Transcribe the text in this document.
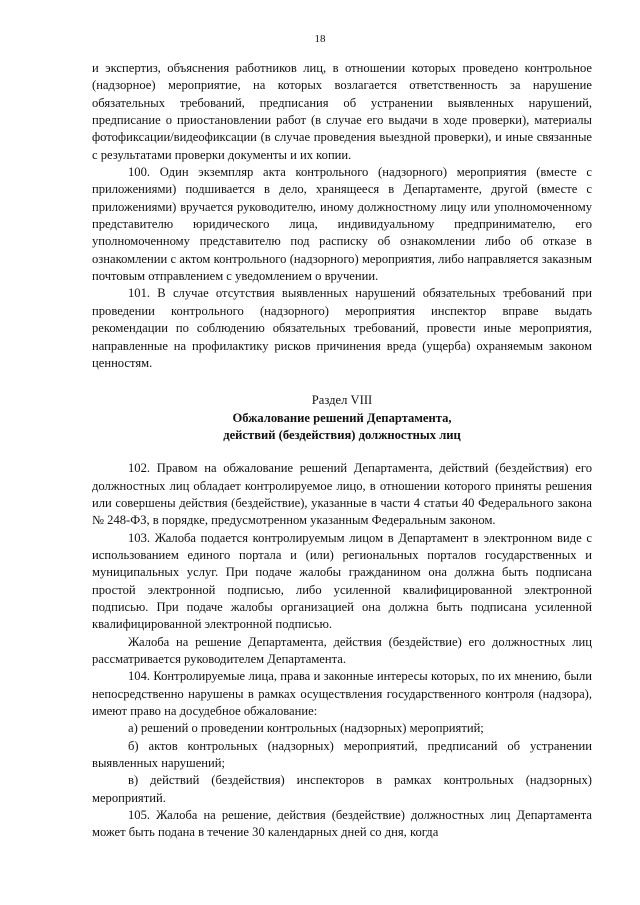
18

и экспертиз, объяснения работников лиц, в отношении которых проведено контрольное (надзорное) мероприятие, на которых возлагается ответственность за нарушение обязательных требований, предписания об устранении выявленных нарушений, предписание о приостановлении работ (в случае его выдачи в ходе проверки), материалы фотофиксации/видеофиксации (в случае проведения выездной проверки), и иные связанные с результатами проверки документы и их копии.

100. Один экземпляр акта контрольного (надзорного) мероприятия (вместе с приложениями) подшивается в дело, хранящееся в Департаменте, другой (вместе с приложениями) вручается руководителю, иному должностному лицу или уполномоченному представителю юридического лица, индивидуальному предпринимателю, его уполномоченному представителю под расписку об ознакомлении либо об отказе в ознакомлении с актом контрольного (надзорного) мероприятия, либо направляется заказным почтовым отправлением с уведомлением о вручении.

101. В случае отсутствия выявленных нарушений обязательных требований при проведении контрольного (надзорного) мероприятия инспектор вправе выдать рекомендации по соблюдению обязательных требований, провести иные мероприятия, направленные на профилактику рисков причинения вреда (ущерба) охраняемым законом ценностям.

Раздел VIII
Обжалование решений Департамента,
действий (бездействия) должностных лиц

102. Правом на обжалование решений Департамента, действий (бездействия) его должностных лиц обладает контролируемое лицо, в отношении которого приняты решения или совершены действия (бездействие), указанные в части 4 статьи 40 Федерального закона № 248-ФЗ, в порядке, предусмотренном указанным Федеральным законом.

103. Жалоба подается контролируемым лицом в Департамент в электронном виде с использованием единого портала и (или) региональных порталов государственных и муниципальных услуг. При подаче жалобы гражданином она должна быть подписана простой электронной подписью, либо усиленной квалифицированной электронной подписью. При подаче жалобы организацией она должна быть подписана усиленной квалифицированной электронной подписью.

Жалоба на решение Департамента, действия (бездействие) его должностных лиц рассматривается руководителем Департамента.

104. Контролируемые лица, права и законные интересы которых, по их мнению, были непосредственно нарушены в рамках осуществления государственного контроля (надзора), имеют право на досудебное обжалование:

а) решений о проведении контрольных (надзорных) мероприятий;

б) актов контрольных (надзорных) мероприятий, предписаний об устранении выявленных нарушений;

в) действий (бездействия) инспекторов в рамках контрольных (надзорных) мероприятий.

105. Жалоба на решение, действия (бездействие) должностных лиц Департамента может быть подана в течение 30 календарных дней со дня, когда
